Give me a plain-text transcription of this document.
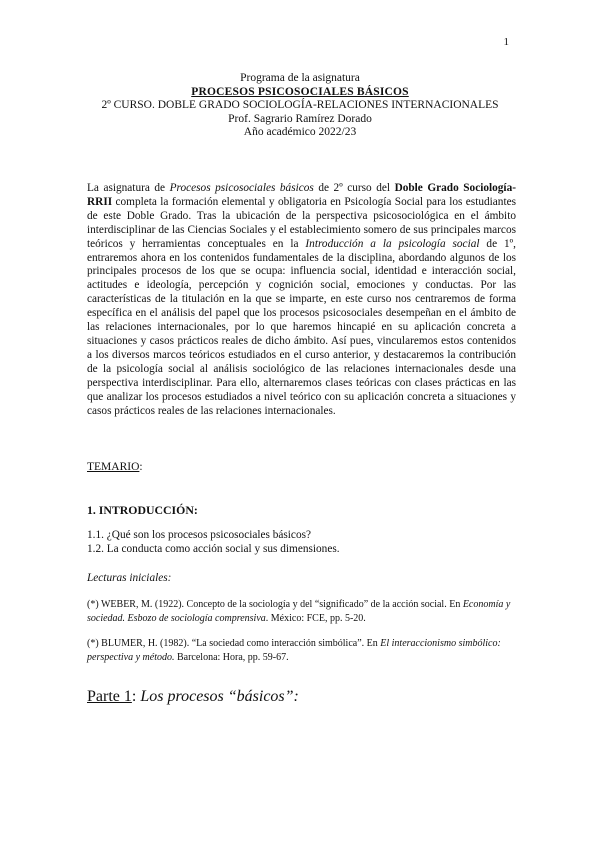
1
Programa de la asignatura
PROCESOS PSICOSOCIALES BÁSICOS
2º CURSO. DOBLE GRADO SOCIOLOGÍA-RELACIONES INTERNACIONALES
Prof. Sagrario Ramírez Dorado
Año académico 2022/23

La asignatura de Procesos psicosociales básicos de 2º curso del Doble Grado Sociología-RRII completa la formación elemental y obligatoria en Psicología Social para los estudiantes de este Doble Grado. Tras la ubicación de la perspectiva psicosociológica en el ámbito interdisciplinar de las Ciencias Sociales y el establecimiento somero de sus principales marcos teóricos y herramientas conceptuales en la Introducción a la psicología social de 1º, entraremos ahora en los contenidos fundamentales de la disciplina, abordando algunos de los principales procesos de los que se ocupa: influencia social, identidad e interacción social, actitudes e ideología, percepción y cognición social, emociones y conductas. Por las características de la titulación en la que se imparte, en este curso nos centraremos de forma específica en el análisis del papel que los procesos psicosociales desempeñan en el ámbito de las relaciones internacionales, por lo que haremos hincapié en su aplicación concreta a situaciones y casos prácticos reales de dicho ámbito. Así pues, vincularemos estos contenidos a los diversos marcos teóricos estudiados en el curso anterior, y destacaremos la contribución de la psicología social al análisis sociológico de las relaciones internacionales desde una perspectiva interdisciplinar. Para ello, alternaremos clases teóricas con clases prácticas en las que analizar los procesos estudiados a nivel teórico con su aplicación concreta a situaciones y casos prácticos reales de las relaciones internacionales.

TEMARIO:
1. INTRODUCCIÓN:
1.1. ¿Qué son los procesos psicosociales básicos?
1.2. La conducta como acción social y sus dimensiones.
Lecturas iniciales:

(*) WEBER, M. (1922). Concepto de la sociología y del “significado” de la acción social. En Economía y sociedad. Esbozo de sociología comprensiva. México: FCE, pp. 5-20.

(*) BLUMER, H. (1982). “La sociedad como interacción simbólica”. En El interaccionismo simbólico: perspectiva y método. Barcelona: Hora, pp. 59-67.

Parte 1: Los procesos “básicos”:
